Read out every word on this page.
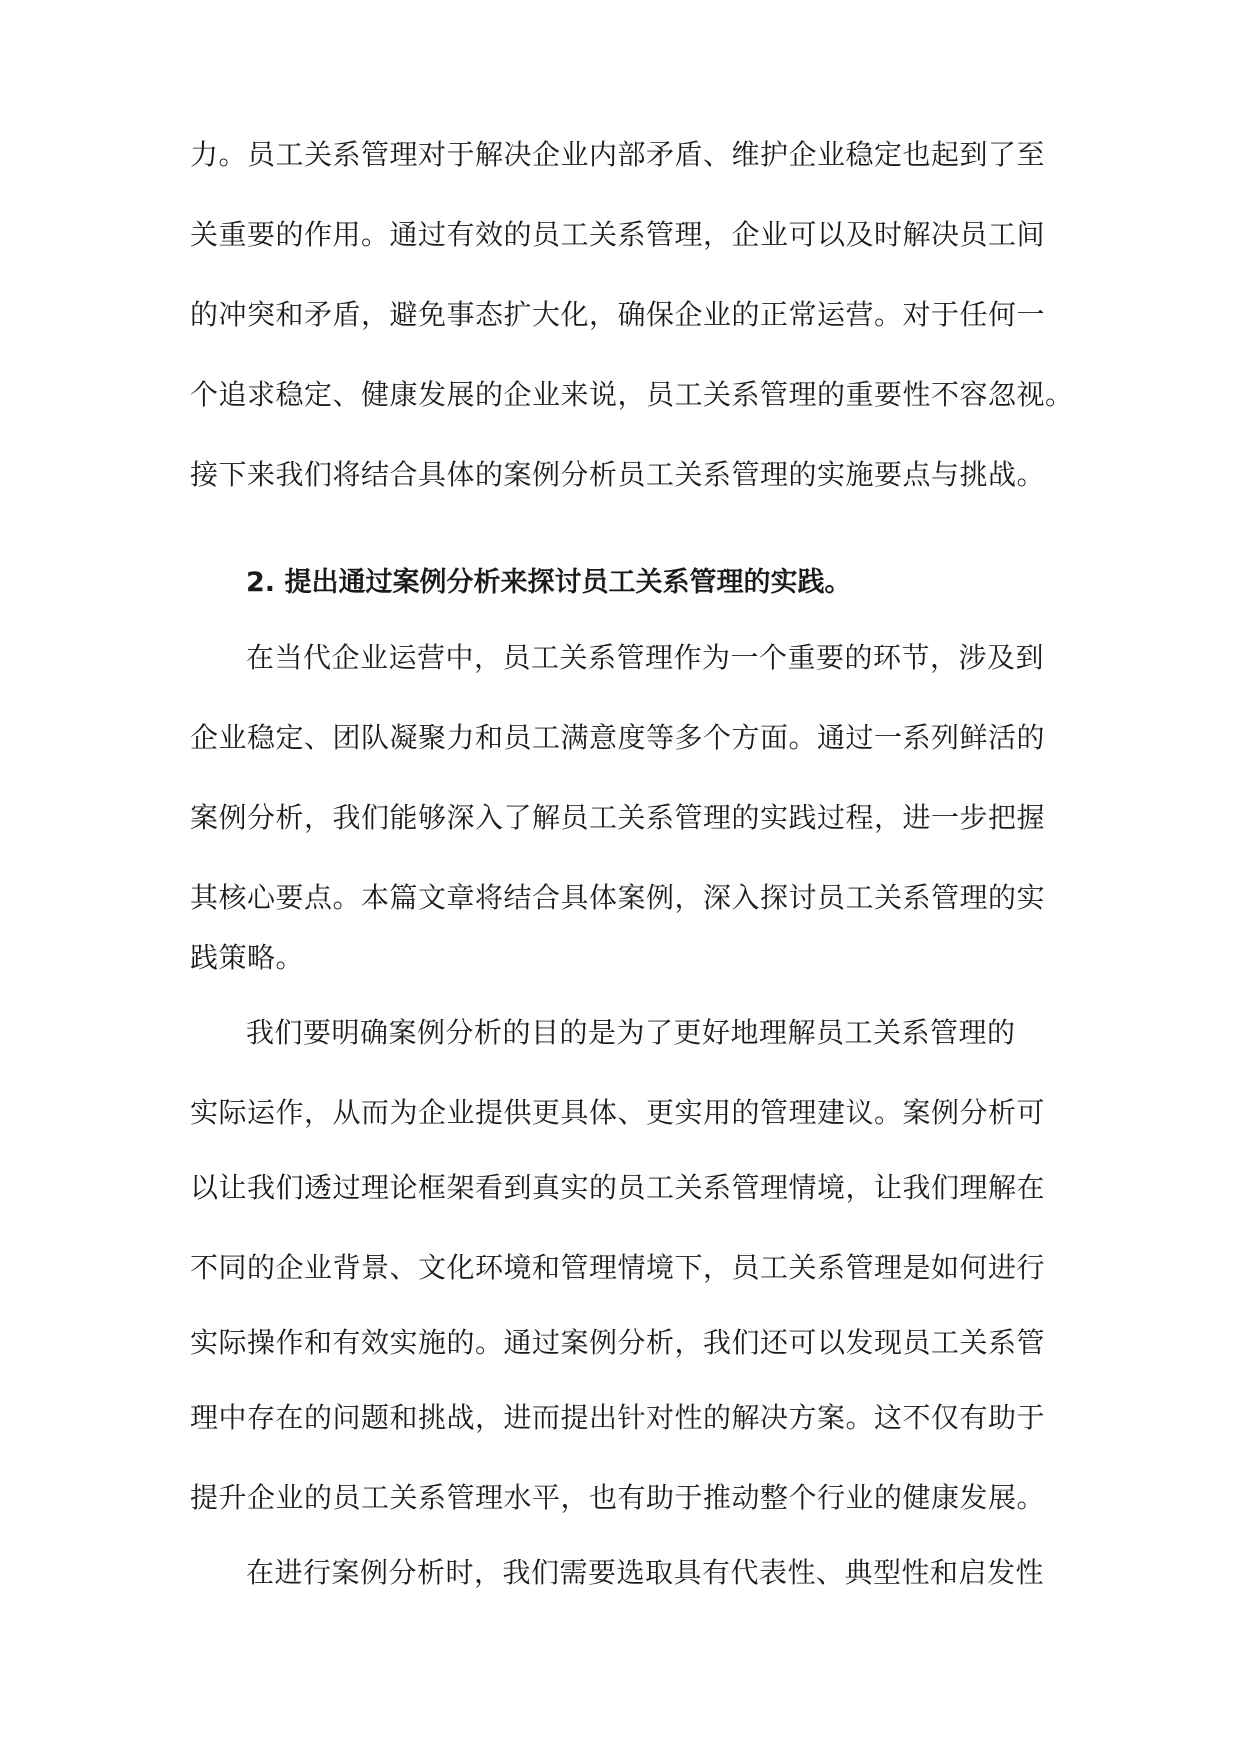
力。员工关系管理对于解决企业内部矛盾、维护企业稳定也起到了至
关重要的作用。通过有效的员工关系管理，企业可以及时解决员工间
的冲突和矛盾，避免事态扩大化，确保企业的正常运营。对于任何一
个追求稳定、健康发展的企业来说，员工关系管理的重要性不容忽视。
接下来我们将结合具体的案例分析员工关系管理的实施要点与挑战。
2. 提出通过案例分析来探讨员工关系管理的实践。
在当代企业运营中，员工关系管理作为一个重要的环节，涉及到
企业稳定、团队凝聚力和员工满意度等多个方面。通过一系列鲜活的
案例分析，我们能够深入了解员工关系管理的实践过程，进一步把握
其核心要点。本篇文章将结合具体案例，深入探讨员工关系管理的实
践策略。
我们要明确案例分析的目的是为了更好地理解员工关系管理的
实际运作，从而为企业提供更具体、更实用的管理建议。案例分析可
以让我们透过理论框架看到真实的员工关系管理情境，让我们理解在
不同的企业背景、文化环境和管理情境下，员工关系管理是如何进行
实际操作和有效实施的。通过案例分析，我们还可以发现员工关系管
理中存在的问题和挑战，进而提出针对性的解决方案。这不仅有助于
提升企业的员工关系管理水平，也有助于推动整个行业的健康发展。
在进行案例分析时，我们需要选取具有代表性、典型性和启发性
